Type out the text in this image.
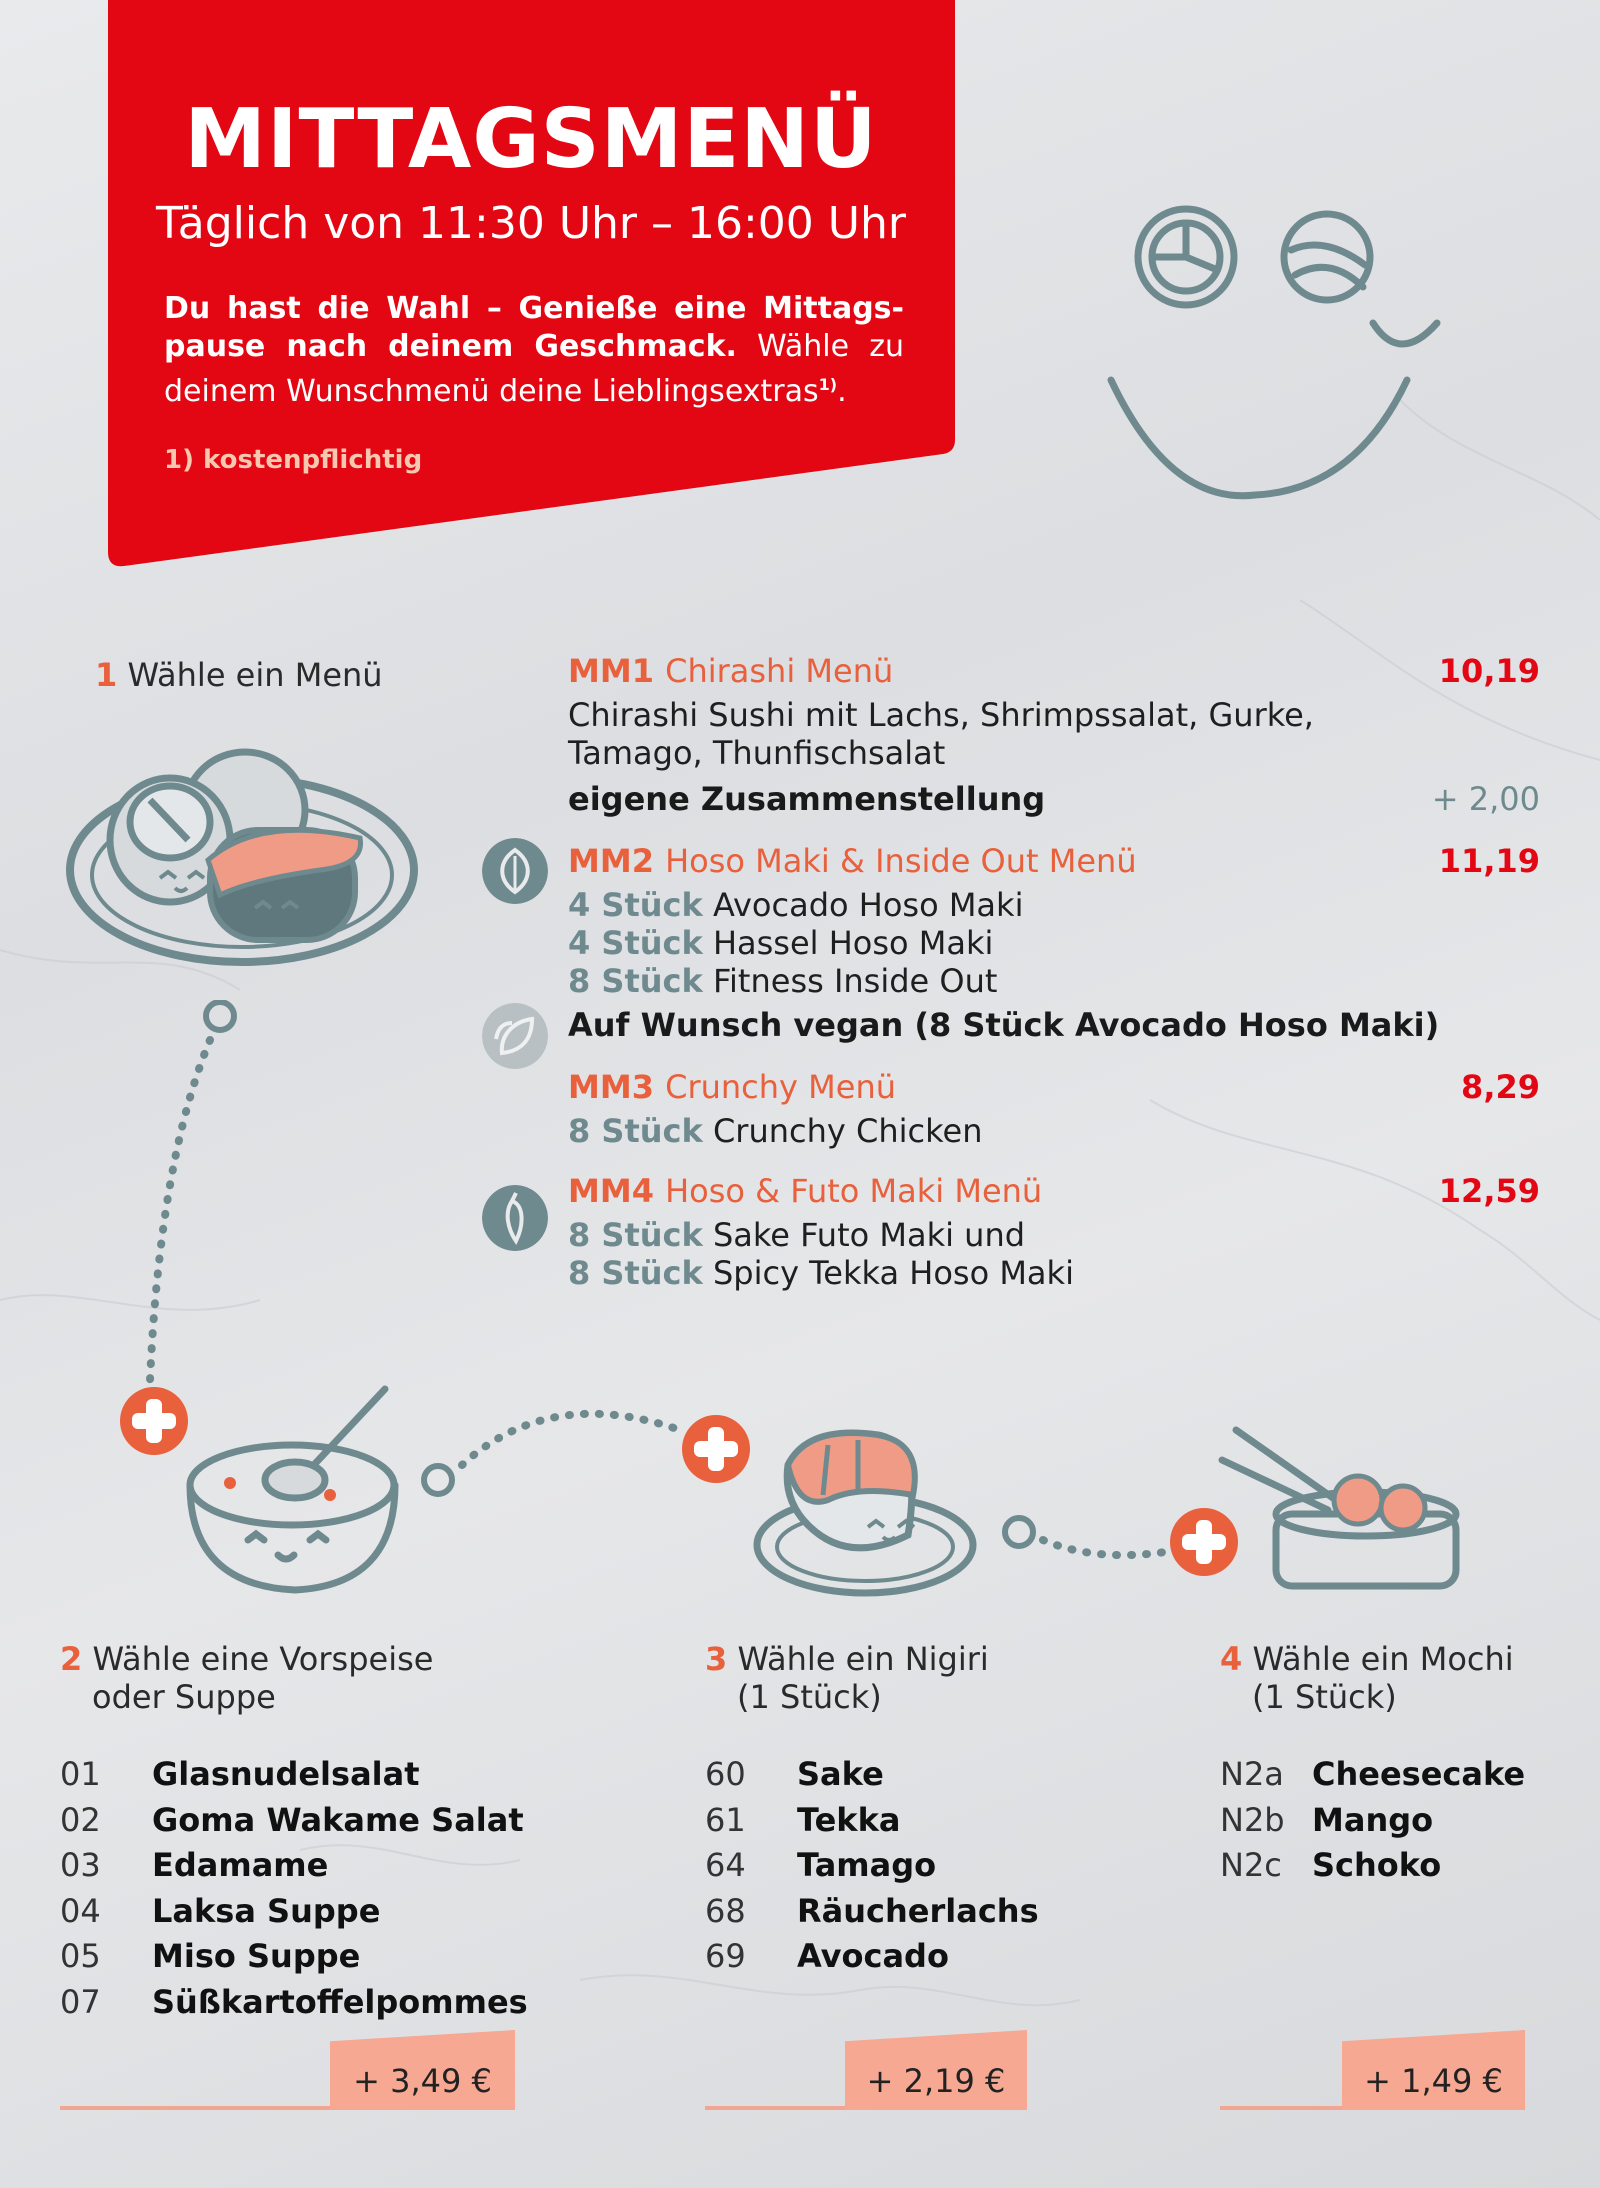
MITTAGSMENÜ
Täglich von 11:30 Uhr – 16:00 Uhr
Du hast die Wahl – Genieße eine Mittags-pause nach deinem Geschmack. Wähle zu deinem Wunschmenü deine Lieblingsextras$^{1)}$.
1) kostenpflichtig
1 Wähle ein Menü	MM1 Chirashi Menü	10,19
Chirashi Sushi mit Lachs, Shrimpssalat, Gurke,
Tamago, Thunfischsalat
eigene Zusammenstellung	+ 2,00
MM2 Hoso Maki & Inside Out Menü	11,19
4 Stück Avocado Hoso Maki
4 Stück Hassel Hoso Maki
8 Stück Fitness Inside Out
Auf Wunsch vegan (8 Stück Avocado Hoso Maki)
MM3 Crunchy Menü	8,29
8 Stück Crunchy Chicken
MM4 Hoso & Futo Maki Menü	12,59
8 Stück Sake Futo Maki und
8 Stück Spicy Tekka Hoso Maki
2 Wähle eine Vorspeise
oder Suppe
01	Glasnudelsalat
02	Goma Wakame Salat
03	Edamame
04	Laksa Suppe
05	Miso Suppe
07	Süßkartoffelpommes
+ 3,49 €
3 Wähle ein Nigiri
(1 Stück)
60	Sake
61	Tekka
64	Tamago
68	Räucherlachs
69	Avocado
+ 2,19 €
4 Wähle ein Mochi
(1 Stück)
N2a Cheesecake
N2b Mango
N2c Schoko
+ 1,49 €
